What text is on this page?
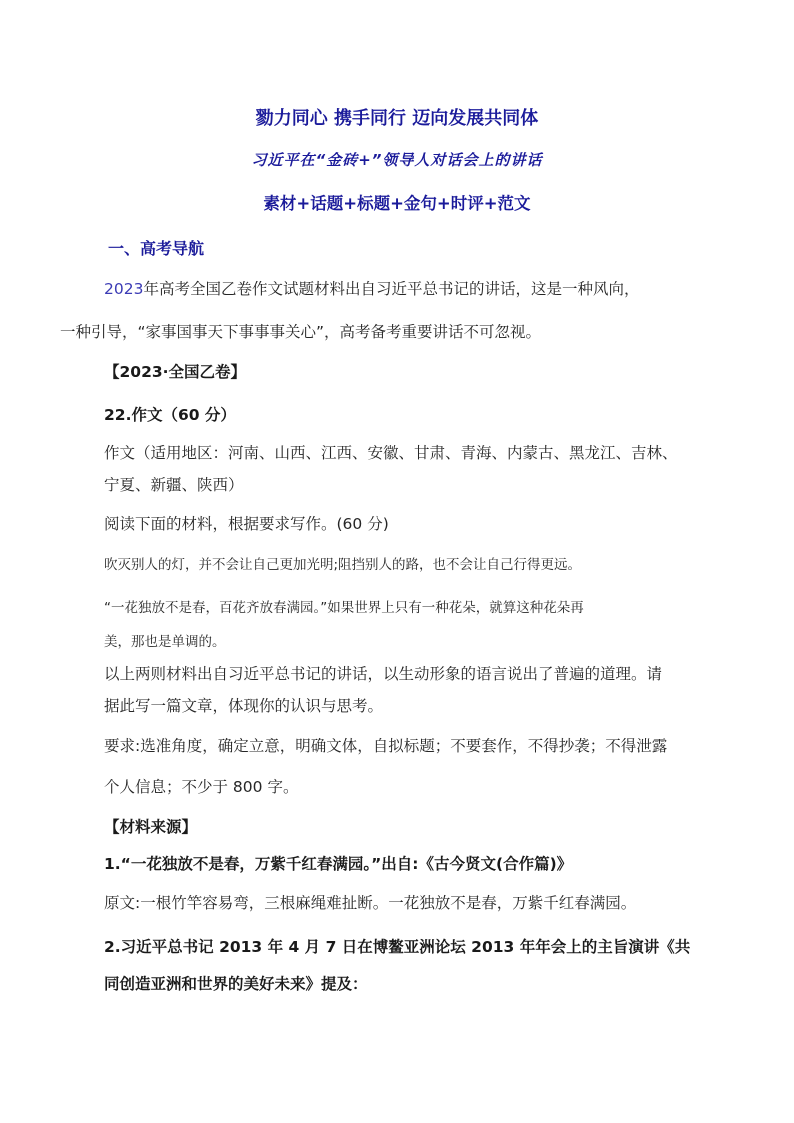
勠力同心 携手同行 迈向发展共同体

习近平在“金砖+”领导人对话会上的讲话

素材+话题+标题+金句+时评+范文

一、高考导航

2023年高考全国乙卷作文试题材料出自习近平总书记的讲话，这是一种风向，

一种引导，“家事国事天下事事事关心”，高考备考重要讲话不可忽视。

【2023·全国乙卷】

22.作文（60 分）

作文（适用地区：河南、山西、江西、安徽、甘肃、青海、内蒙古、黑龙江、吉林、

宁夏、新疆、陕西）

阅读下面的材料，根据要求写作。(60 分)

吹灭别人的灯，并不会让自己更加光明;阻挡别人的路，也不会让自己行得更远。

“一花独放不是春，百花齐放春满园。”如果世界上只有一种花朵，就算这种花朵再

美，那也是单调的。

以上两则材料出自习近平总书记的讲话，以生动形象的语言说出了普遍的道理。请

据此写一篇文章，体现你的认识与思考。

要求:选准角度，确定立意，明确文体，自拟标题；不要套作，不得抄袭；不得泄露

个人信息；不少于 800 字。

【材料来源】

1.“一花独放不是春，万紫千红春满园。”出自:《古今贤文(合作篇)》

原文:一根竹竿容易弯，三根麻绳难扯断。一花独放不是春，万紫千红春满园。

2.习近平总书记 2013 年 4 月 7 日在博鳌亚洲论坛 2013 年年会上的主旨演讲《共

同创造亚洲和世界的美好未来》提及：
